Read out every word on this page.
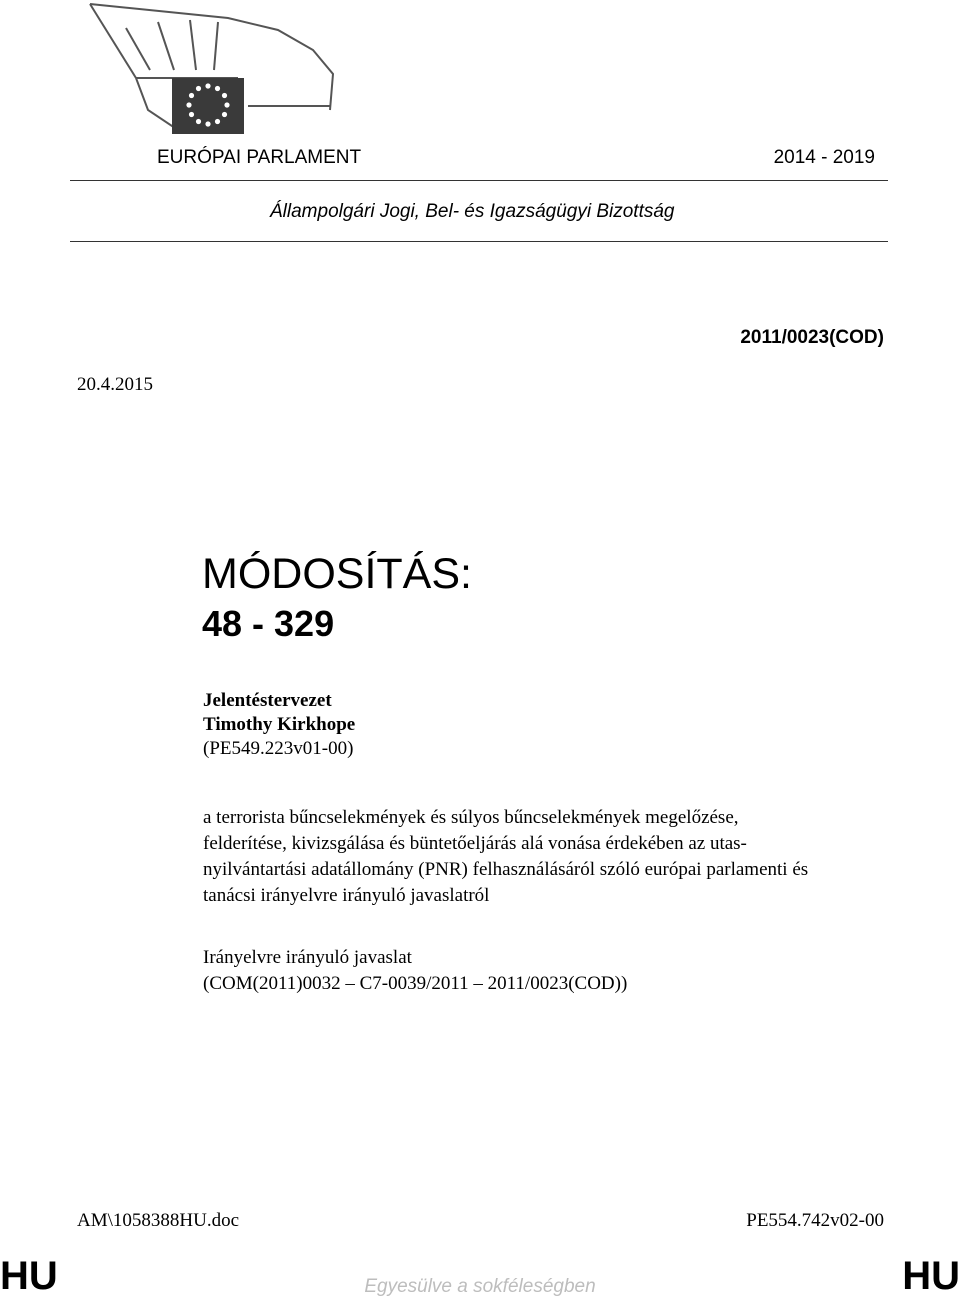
EURÓPAI PARLAMENT	2014 - 2019
Állampolgári Jogi, Bel- és Igazságügyi Bizottság
2011/0023(COD)
20.4.2015
MÓDOSÍTÁS:
48 - 329
Jelentéstervezet
Timothy Kirkhope
(PE549.223v01-00)
a terrorista bűncselekmények és súlyos bűncselekmények megelőzése,
felderítése, kivizsgálása és büntetőeljárás alá vonása érdekében az utas-
nyilvántartási adatállomány (PNR) felhasználásáról szóló európai parlamenti és
tanácsi irányelvre irányuló javaslatról
Irányelvre irányuló javaslat
(COM(2011)0032 – C7-0039/2011 – 2011/0023(COD))
AM\1058388HU.doc	PE554.742v02-00
HU	Egyesülve a sokféleségben	HU
